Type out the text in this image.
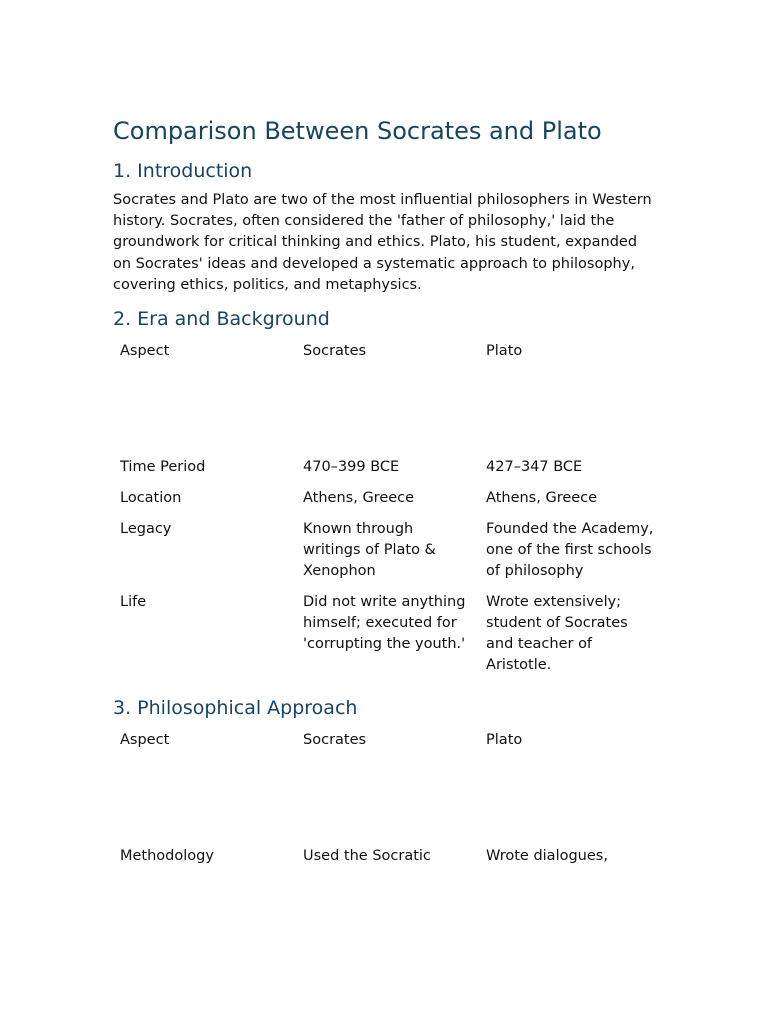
Comparison Between Socrates and Plato
1. Introduction

Socrates and Plato are two of the most influential philosophers in Western history. Socrates, often considered the 'father of philosophy,' laid the groundwork for critical thinking and ethics. Plato, his student, expanded on Socrates' ideas and developed a systematic approach to philosophy, covering ethics, politics, and metaphysics.

2. Era and Background
Aspect	Socrates	Plato
Time Period	470–399 BCE	427–347 BCE
Location	Athens, Greece	Athens, Greece
Legacy	Known through writings of Plato & Xenophon	Founded the Academy, one of the first schools of philosophy
Life	Did not write anything himself; executed for 'corrupting the youth.'	Wrote extensively; student of Socrates and teacher of Aristotle.
3. Philosophical Approach
Aspect	Socrates	Plato
Methodology	Used the Socratic	Wrote dialogues,
